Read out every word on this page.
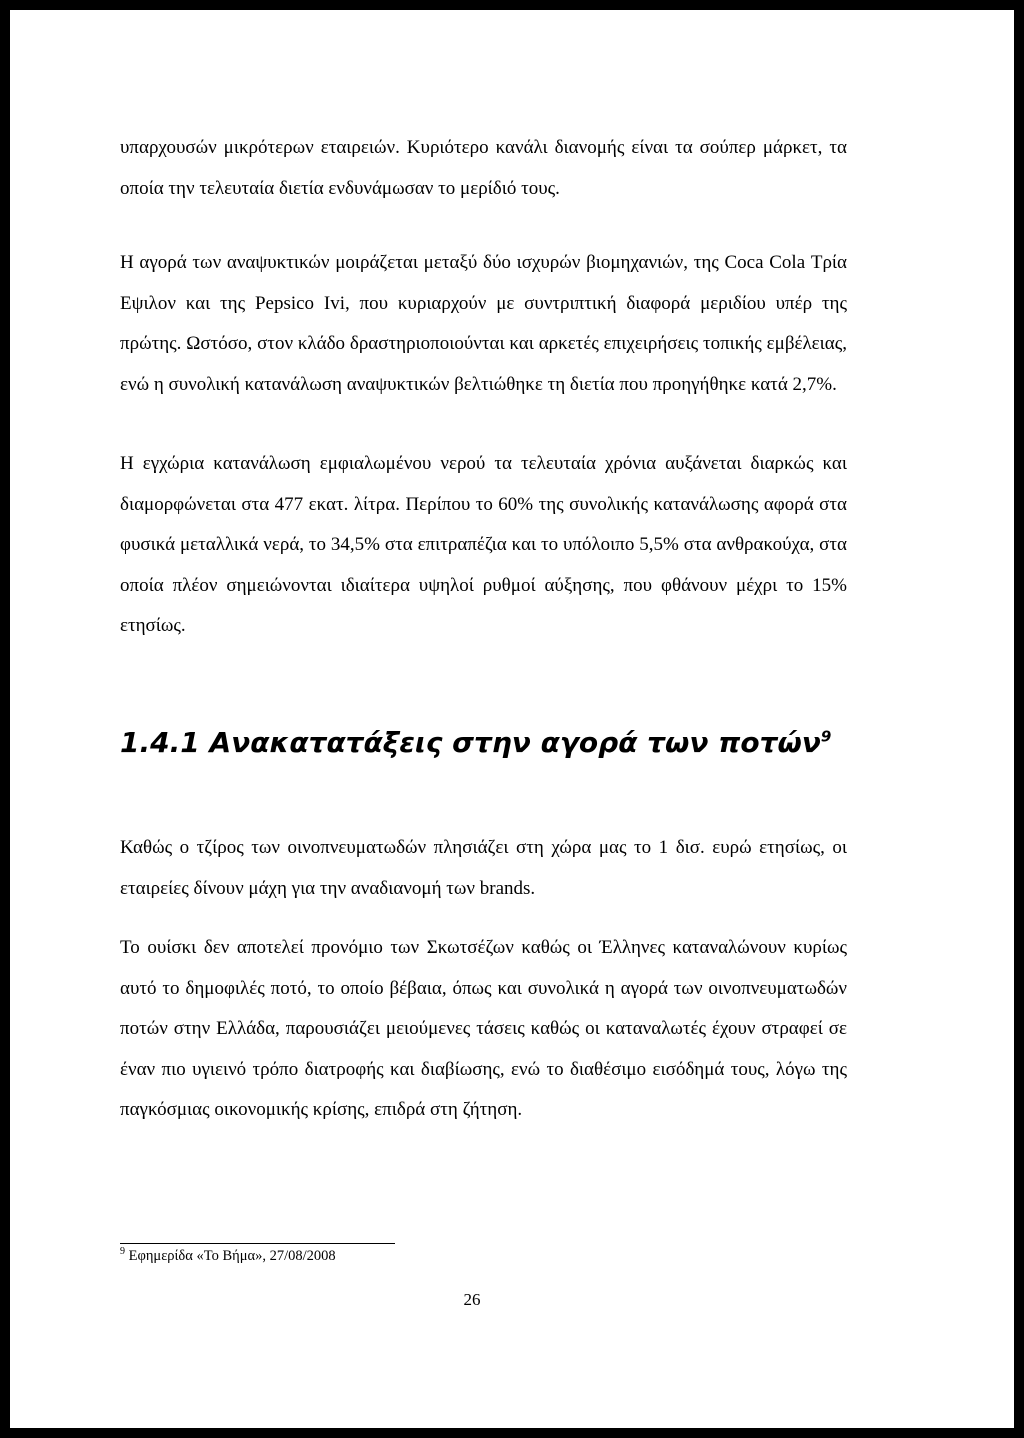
υπαρχουσών μικρότερων εταιρειών. Κυριότερο κανάλι διανομής είναι τα σούπερ μάρκετ, τα οποία την τελευταία διετία ενδυνάμωσαν το μερίδιό τους.

Η αγορά των αναψυκτικών μοιράζεται μεταξύ δύο ισχυρών βιομηχανιών, της Coca Cola Τρία Εψιλον και της Pepsico Ivi, που κυριαρχούν με συντριπτική διαφορά μεριδίου υπέρ της πρώτης. Ωστόσο, στον κλάδο δραστηριοποιούνται και αρκετές επιχειρήσεις τοπικής εμβέλειας, ενώ η συνολική κατανάλωση αναψυκτικών βελτιώθηκε τη διετία που προηγήθηκε κατά 2,7%.

Η εγχώρια κατανάλωση εμφιαλωμένου νερού τα τελευταία χρόνια αυξάνεται διαρκώς και διαμορφώνεται στα 477 εκατ. λίτρα. Περίπου το 60% της συνολικής κατανάλωσης αφορά στα φυσικά μεταλλικά νερά, το 34,5% στα επιτραπέζια και το υπόλοιπο 5,5% στα ανθρακούχα, στα οποία πλέον σημειώνονται ιδιαίτερα υψηλοί ρυθμοί αύξησης, που φθάνουν μέχρι το 15% ετησίως.

1.4.1 Ανακατατάξεις στην αγορά των ποτών$^9$

Καθώς ο τζίρος των οινοπνευματωδών πλησιάζει στη χώρα μας το 1 δισ. ευρώ ετησίως, οι εταιρείες δίνουν μάχη για την αναδιανομή των brands.

Το ουίσκι δεν αποτελεί προνόμιο των Σκωτσέζων καθώς οι Έλληνες καταναλώνουν κυρίως αυτό το δημοφιλές ποτό, το οποίο βέβαια, όπως και συνολικά η αγορά των οινοπνευματωδών ποτών στην Ελλάδα, παρουσιάζει μειούμενες τάσεις καθώς οι καταναλωτές έχουν στραφεί σε έναν πιο υγιεινό τρόπο διατροφής και διαβίωσης, ενώ το διαθέσιμο εισόδημά τους, λόγω της παγκόσμιας οικονομικής κρίσης, επιδρά στη ζήτηση.

$^9$ Εφημερίδα «Το Βήμα», 27/08/2008

26
